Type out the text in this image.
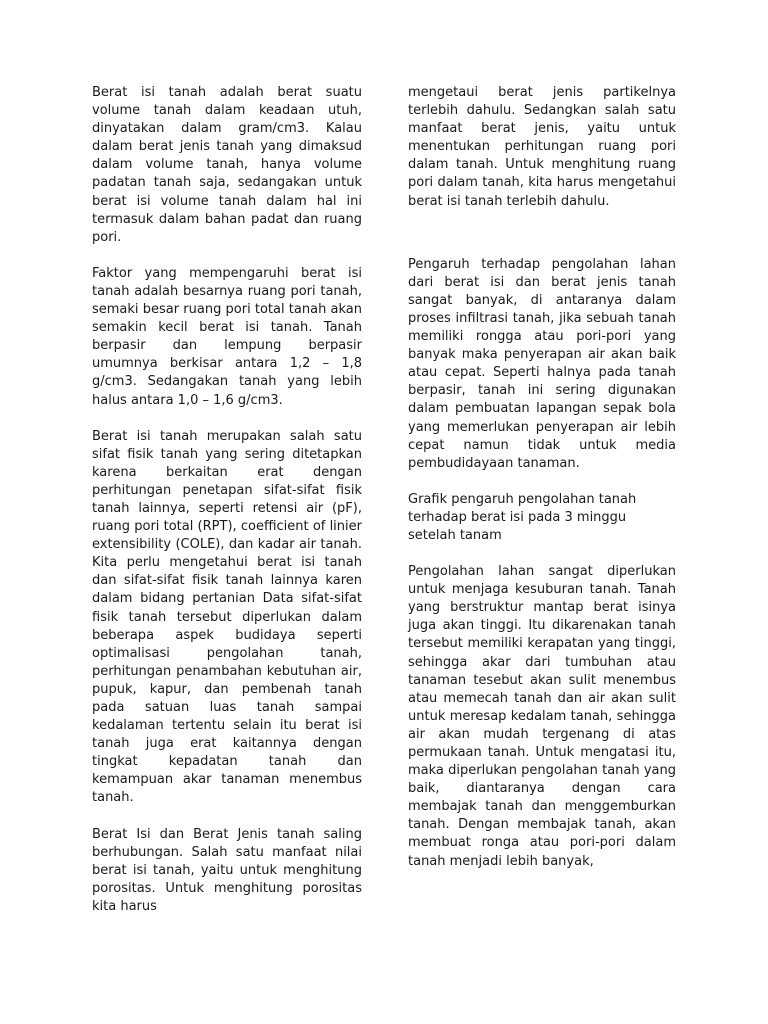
Berat isi tanah adalah berat suatu volume tanah dalam keadaan utuh, dinyatakan dalam gram/cm3. Kalau dalam berat jenis tanah yang dimaksud dalam volume tanah, hanya volume padatan tanah saja, sedangakan untuk berat isi volume tanah dalam hal ini termasuk dalam bahan padat dan ruang pori.

Faktor yang mempengaruhi berat isi tanah adalah besarnya ruang pori tanah, semaki besar ruang pori total tanah akan semakin kecil berat isi tanah. Tanah berpasir dan lempung berpasir umumnya berkisar antara 1,2 – 1,8 g/cm3. Sedangakan tanah yang lebih halus antara 1,0 – 1,6 g/cm3.

Berat isi tanah merupakan salah satu sifat fisik tanah yang sering ditetapkan karena berkaitan erat dengan perhitungan penetapan sifat-sifat fisik tanah lainnya, seperti retensi air (pF), ruang pori total (RPT), coefficient of linier extensibility (COLE), dan kadar air tanah. Kita perlu mengetahui berat isi tanah dan sifat-sifat fisik tanah lainnya karen dalam bidang pertanian Data sifat-sifat fisik tanah tersebut diperlukan dalam beberapa aspek budidaya seperti optimalisasi pengolahan tanah, perhitungan penambahan kebutuhan air, pupuk, kapur, dan pembenah tanah pada satuan luas tanah sampai kedalaman tertentu selain itu berat isi tanah juga erat kaitannya dengan tingkat kepadatan tanah dan kemampuan akar tanaman menembus tanah.

Berat Isi dan Berat Jenis tanah saling berhubungan. Salah satu manfaat nilai berat isi tanah, yaitu untuk menghitung porositas. Untuk menghitung porositas kita harus

mengetaui berat jenis partikelnya terlebih dahulu. Sedangkan salah satu manfaat berat jenis, yaitu untuk menentukan perhitungan ruang pori dalam tanah. Untuk menghitung ruang pori dalam tanah, kita harus mengetahui berat isi tanah terlebih dahulu.

Pengaruh terhadap pengolahan lahan dari berat isi dan berat jenis tanah sangat banyak, di antaranya dalam proses infiltrasi tanah, jika sebuah tanah memiliki rongga atau pori-pori yang banyak maka penyerapan air akan baik atau cepat. Seperti halnya pada tanah berpasir, tanah ini sering digunakan dalam pembuatan lapangan sepak bola yang memerlukan penyerapan air lebih cepat namun tidak untuk media pembudidayaan tanaman.

Grafik pengaruh pengolahan tanah terhadap berat isi pada 3 minggu setelah tanam

Pengolahan lahan sangat diperlukan untuk menjaga kesuburan tanah. Tanah yang berstruktur mantap berat isinya juga akan tinggi. Itu dikarenakan tanah tersebut memiliki kerapatan yang tinggi, sehingga akar dari tumbuhan atau tanaman tesebut akan sulit menembus atau memecah tanah dan air akan sulit untuk meresap kedalam tanah, sehingga air akan mudah tergenang di atas permukaan tanah. Untuk mengatasi itu, maka diperlukan pengolahan tanah yang baik, diantaranya dengan cara membajak tanah dan menggemburkan tanah. Dengan membajak tanah, akan membuat ronga atau pori-pori dalam tanah menjadi lebih banyak,
